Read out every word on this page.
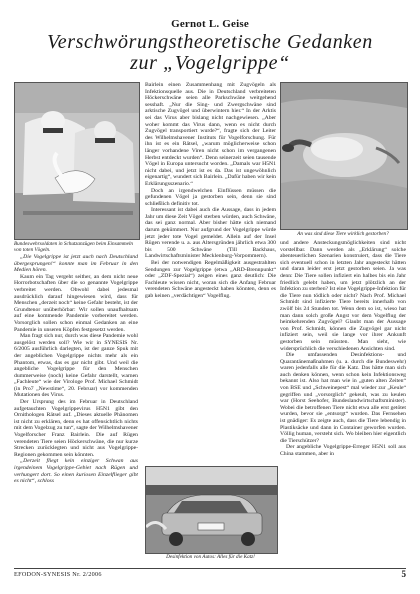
Gernot L. Geise
Verschwörungstheoretische Gedanken
zur „Vogelgrippe“
Bundeswehrsoldaten in Schutzanzügen beim Einsammeln von toten Vögeln.
An was sind diese Tiere wirklich gestorben?
Desinfektion von Autos: Alles für die Katz!

„Die Vogelgrippe ist jetzt auch nach Deutschland übergesprungen!“ konnte man im Februar in den Medien hören.

Kaum ein Tag vergeht seither, an dem nicht neue Horrorbotschaften über die so genannte Vogelgrippe verbreitet werden. Obwohl dabei jedesmal ausdrücklich darauf hingewiesen wird, dass für Menschen „derzeit noch“ keine Gefahr besteht, ist der Grundtenor unüberhörbar: Wir sollen unaufhaltsam auf eine kommende Pandemie vorbereitet werden. Vorsorglich sollen schon einmal Gedanken an eine Pandemie in unseren Köpfen festgesetzt werden.

Man fragt sich nur, durch was diese Pandemie wohl ausgelöst werden soll? Wie wir in SYNESIS Nr. 6/2005 ausführlich darlegten, ist der ganze Spuk mit der angeblichen Vogelgrippe nichts mehr als ein Phantom, etwas, das es gar nicht gibt. Und weil die angebliche Vogelgrippe für den Menschen dummerweise (noch) keine Gefahr darstellt, warnen „Fachleute“ wie der Virologe Prof. Michael Schmidt (in Pro7 „Newstime“, 20. Februar) vor kommenden Mutationen des Virus.

Der Ursprung des im Februar in Deutschland aufgetauchten Vogelgrippevirus H5N1 gibt den Ornithologen Rätsel auf. „Dieses aktuelle Phänomen ist nicht zu erklären, denn es hat offensichtlich nichts mit dem Vogelzug zu tun“, sagte der Wilhelmshavener Vogelforscher Franz Bairlein. Die auf Rügen verendeten Tiere seien Höckerschwäne, die nur kurze Strecken zurücklegten und nicht aus Vogelgrippe-Regionen gekommen sein könnten.

„Derzeit fliegt kein einziger Schwan aus irgendeinem Vogelgrippe-Gebiet nach Rügen und verhungert dort. So einen kuriosen Einzelflieger gibt es nicht“, schloss

Bairlein einen Zusammenhang mit Zugvögeln als Infektionsquelle aus. Die in Deutschland verbreiteten Höckerschwäne seien alle Parkschwäne weitgehend sesshaft. „Nur die Sing- und Zwergschwäne sind arktische Zugvögel und überwintern hier.“ In der Arktis sei das Virus aber bislang nicht nachgewiesen. „Aber woher kommt das Virus dann, wenn es nicht durch Zugvögel transportiert wurde?“, fragte sich der Leiter des Wilhelmshavener Instituts für Vogelforschung. Für ihn ist es ein Rätsel, „warum möglicherweise schon länger vorhandene Viren nicht schon im vergangenen Herbst entdeckt wurden“. Denn seinerzeit seien tausende Vögel in Europa untersucht worden. „Damals war H5N1 nicht dabei, und jetzt ist es da. Das ist ungewöhnlich eigenartig“, wundert sich Bairlein. „Dafür haben wir kein Erklärungsszenario.“

Doch an irgendwelchen Einflüssen müssen die gefundenen Vögel ja gestorben sein, denn sie sind schließlich definitiv tot.

Interessant ist dabei auch die Aussage, dass in jedem Jahr um diese Zeit Vögel sterben würden, auch Schwäne, das sei ganz normal. Aber bisher hätte sich niemand darum gekümmert. Nur aufgrund der Vogelgrippe würde jetzt jeder tote Vogel gemeldet. Allein auf der Insel Rügen verende u. a. aus Altersgründen jährlich etwa 300 bis 500 Schwäne (Till Backhaus, Landwirtschaftsminister Mecklenburg-Vorpommern).

Bei der notwendigen Regelmäßigkeit ausgestrahlten Sendungen zur Vogelgrippe (etwa „ARD-Brennpunkt“ oder „ZDF-Spezial“) zeigen eines ganz deutlich: Die Fachleute wissen nicht, woran sich die Anfang Februar verendeten Schwäne angesteckt haben könnten, denn es gab keinen „verdächtigen“ Vogelflug.

und andere Ansteckungsmöglichkeiten sind nicht vorstellbar. Dann werden als „Erklärung“ solche abenteuerlichen Szenarien konstruiert, dass die Tiere sich eventuell schon in letzten Jahr angesteckt hätten und daran leider erst jetzt gestorben seien. Ja was denn: Die Tiere sollen infiziert ein halbes bis ein Jahr friedlich gelebt haben, um jetzt plötzlich an der Infektion zu sterben? Ist eine Vogelgrippe-Infektion für die Tiere nun tödlich oder nicht? Nach Prof. Michael Schmidt sind infizierte Tiere bereits innerhalb von zwölf bis 24 Stunden tot. Wenn dem so ist, wieso hat man dann solch große Angst vor dem Vogelflug der heimkehrenden Zugvögel? Glaubt man der Aussage von Prof. Schmidt, können die Zugvögel gar nicht infiziert sein, weil sie lange vor ihrer Ankunft gestorben sein müssten. Man sieht, wie widersprüchlich die verschiedenen Ansichten sind.

Die umfassenden Desinfektions- und Quarantänemaßnahmen (u. a. durch die Bundeswehr) waren jedenfalls alle für die Katz. Das hätte man sich auch denken können, wenn schon kein Infektionsweg bekannt ist. Also hat man wie in „guten alten Zeiten“ von BSE und „Schweinepest“ mal wieder zur „Keule“ gegriffen und „vorsorglich“ gekeult, was zu keulen war (Horst Seehofer, Bundeslandwirtschaftsminister). Wobei die betroffenen Tiere nicht etwa alle erst getötet wurden, bevor sie „entsorgt“ wurden. Das Fernsehen ist gnädiger: Es zeigte auch, dass die Tiere lebendig in Plastiksäcke und dann in Container geworfen wurden. Völlig human, versteht sich. Wo bleiben hier eigentlich die Tierschützer?

Der angebliche Vogelgrippe-Erreger H5N1 soll aus China stammen, aber in

EFODON-SYNESIS Nr. 2/2006	5
